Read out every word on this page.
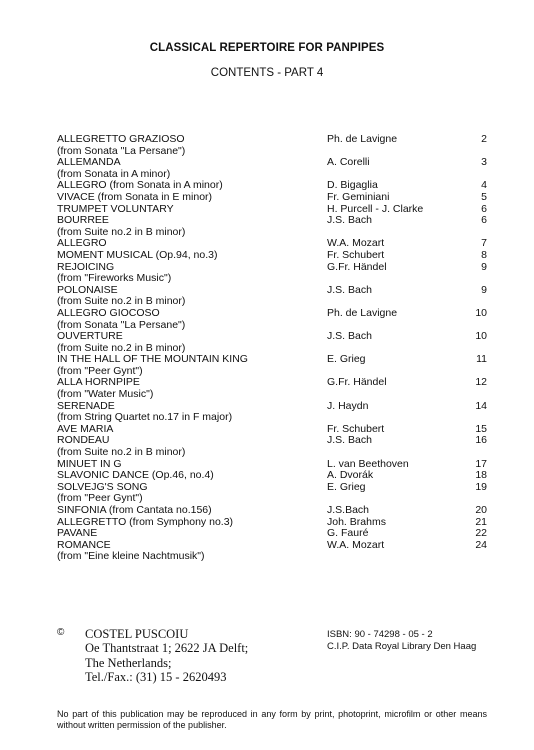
CLASSICAL REPERTOIRE FOR PANPIPES
CONTENTS - PART 4
ALLEGRETTO GRAZIOSO	Ph. de Lavigne	2
(from Sonata "La Persane")
ALLEMANDA	A. Corelli	3
(from Sonata in A minor)
ALLEGRO (from Sonata in A minor)	D. Bigaglia	4
VIVACE (from Sonata in E minor)	Fr. Geminiani	5
TRUMPET VOLUNTARY	H. Purcell - J. Clarke	6
BOURREE	J.S. Bach	6
(from Suite no.2 in B minor)
ALLEGRO	W.A. Mozart	7
MOMENT MUSICAL (Op.94, no.3)	Fr. Schubert	8
REJOICING	G.Fr. Händel	9
(from "Fireworks Music")
POLONAISE	J.S. Bach	9
(from Suite no.2 in B minor)
ALLEGRO GIOCOSO	Ph. de Lavigne	10
(from Sonata "La Persane")
OUVERTURE	J.S. Bach	10
(from Suite no.2 in B minor)
IN THE HALL OF THE MOUNTAIN KING	E. Grieg	11
(from "Peer Gynt")
ALLA HORNPIPE	G.Fr. Händel	12
(from "Water Music")
SERENADE	J. Haydn	14
(from String Quartet no.17 in F major)
AVE MARIA	Fr. Schubert	15
RONDEAU	J.S. Bach	16
(from Suite no.2 in B minor)
MINUET IN G	L. van Beethoven	17
SLAVONIC DANCE (Op.46, no.4)	A. Dvorák	18
SOLVEJG'S SONG	E. Grieg	19
(from "Peer Gynt")
SINFONIA (from Cantata no.156)	J.S.Bach	20
ALLEGRETTO (from Symphony no.3)	Joh. Brahms	21
PAVANE	G. Fauré	22
ROMANCE	W.A. Mozart	24
(from "Eine kleine Nachtmusik")
© COSTEL PUSCOIU
Oe Thantstraat 1; 2622 JA Delft;
The Netherlands;
Tel./Fax.: (31) 15 - 2620493
ISBN: 90 - 74298 - 05 - 2
C.I.P. Data Royal Library Den Haag
No part of this publication may be reproduced in any form by print, photoprint, microfilm or other means without written permission of the publisher.
